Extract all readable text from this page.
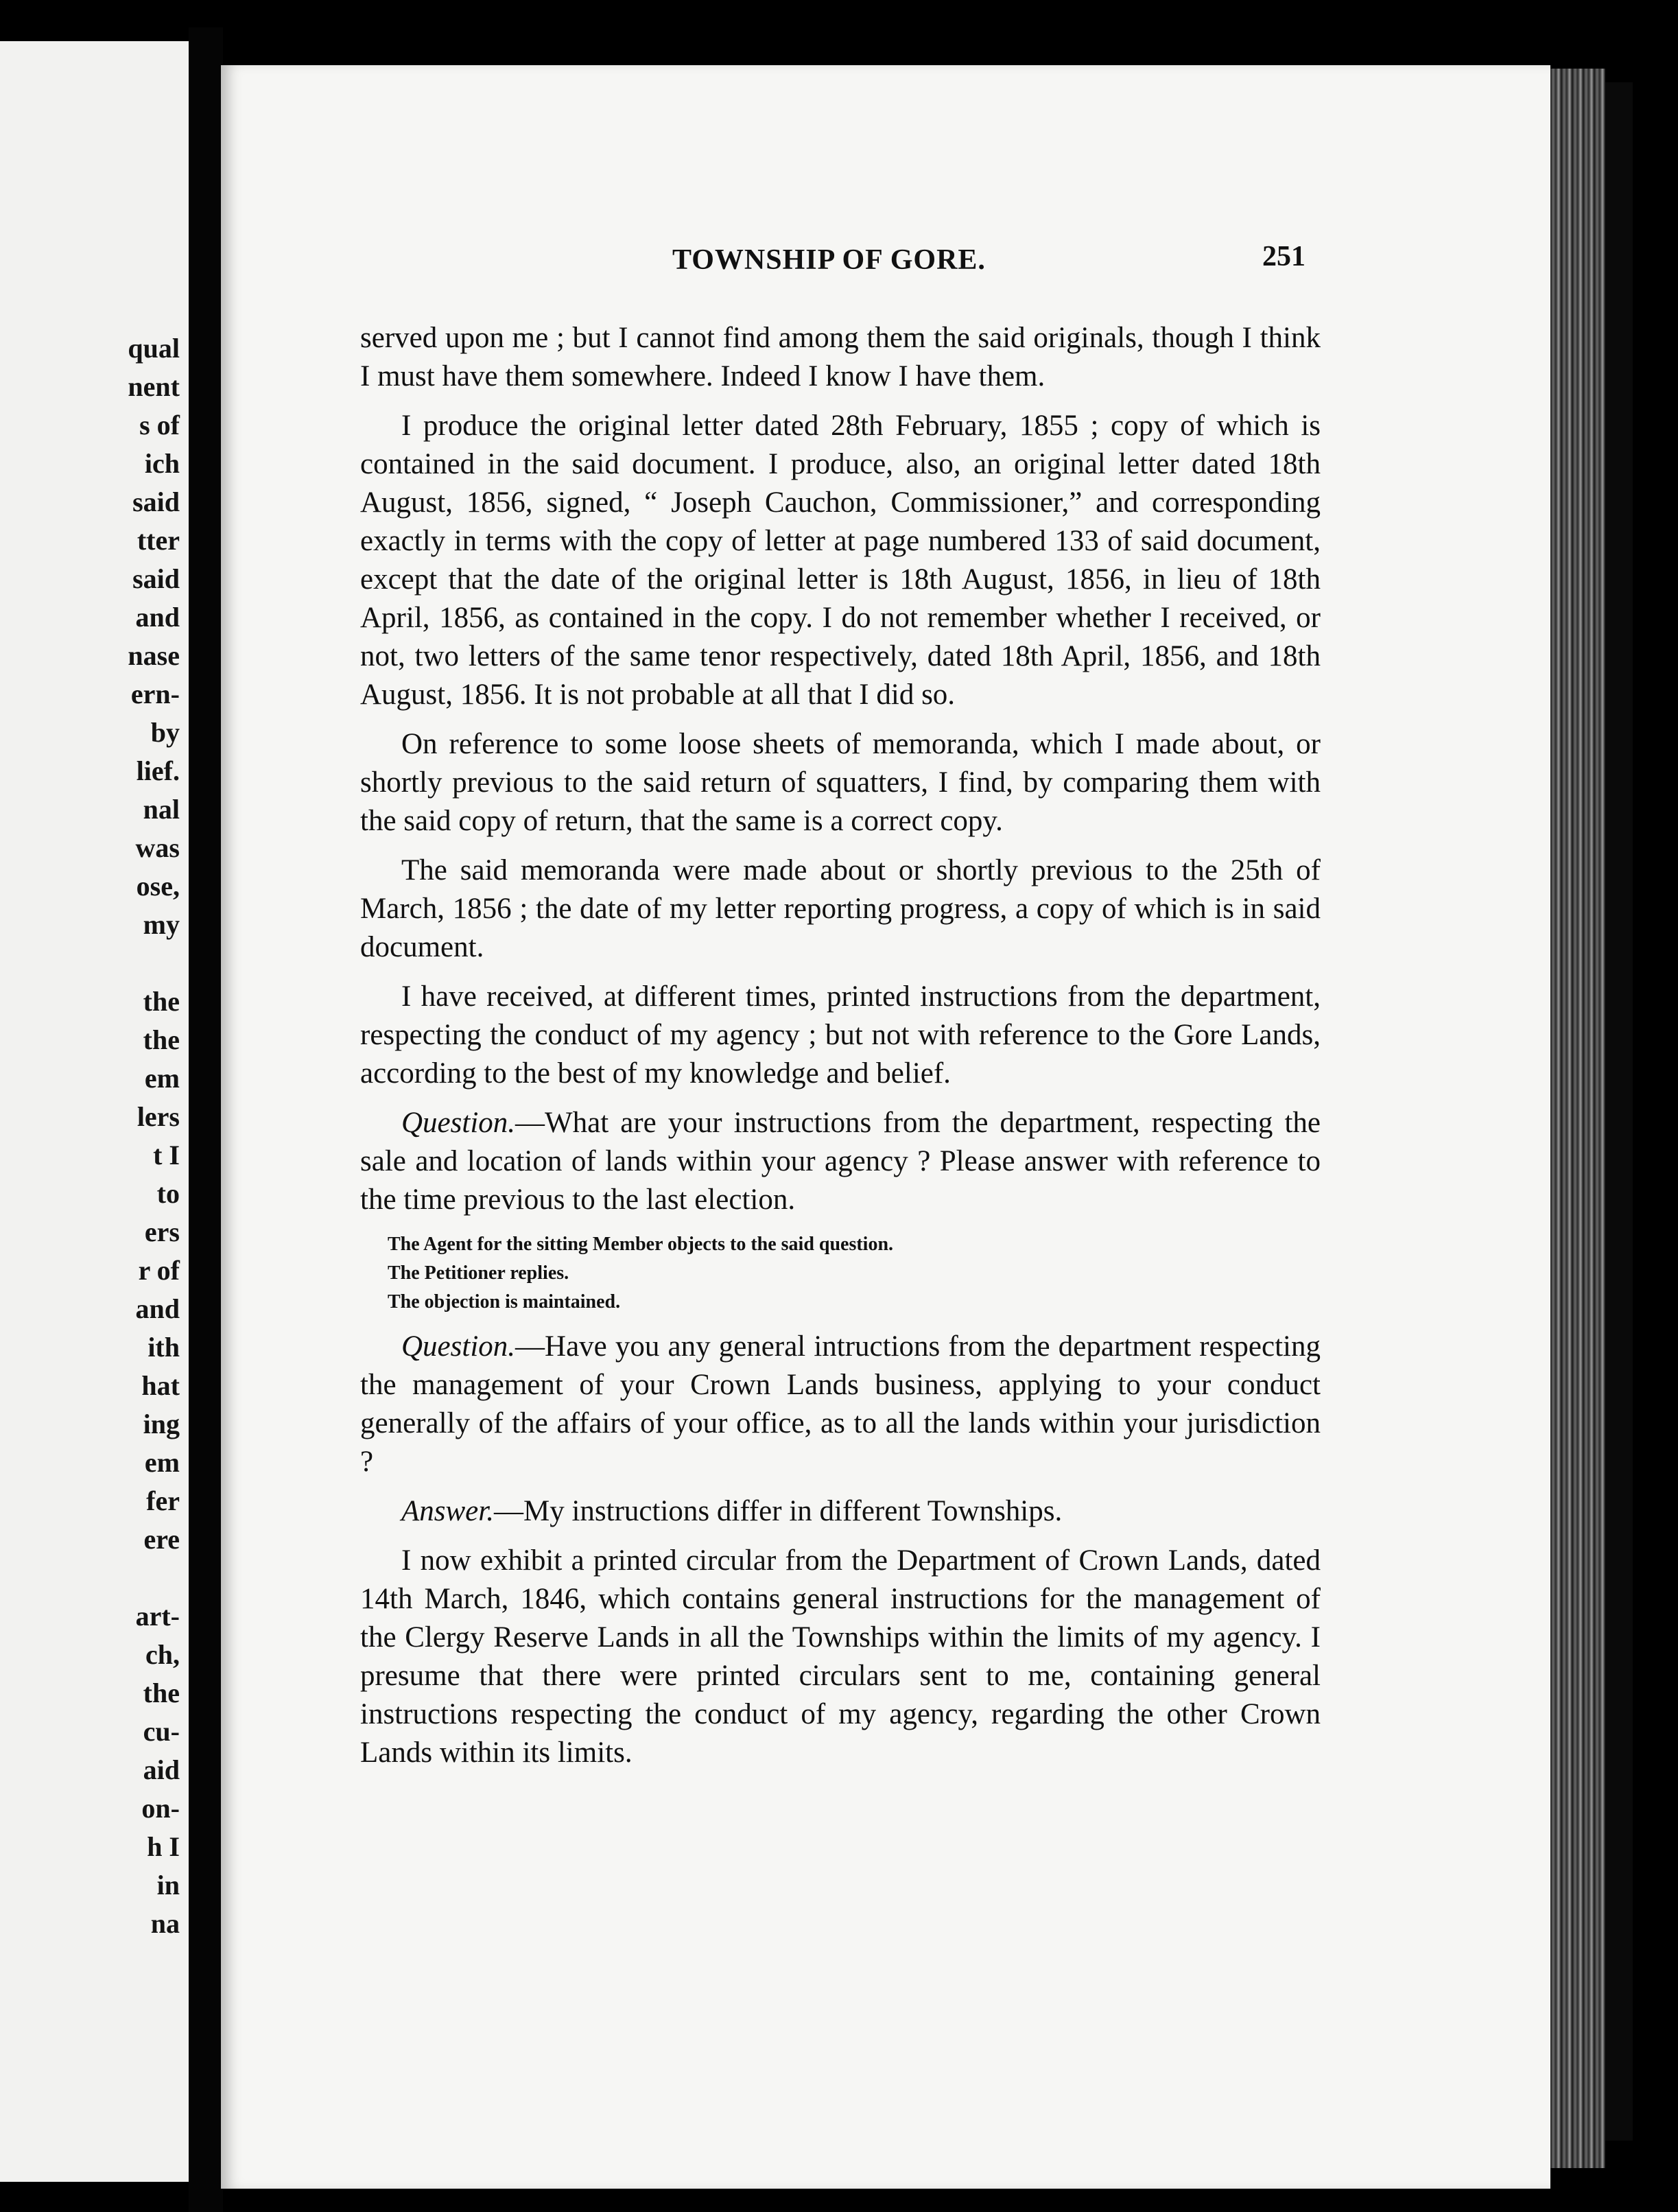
qual
nent
s of
ich
said
tter
said
and
nase
ern-
by
lief.
nal
was
ose,
my
the
the
em
lers
t I
to
ers
r of
and
ith
hat
ing
em
fer
ere
art-
ch,
the
cu-
aid
on-
h I
in
na
TOWNSHIP OF GORE.	251

served upon me ; but I cannot find among them the said originals, though I think I must have them somewhere. Indeed I know I have them.

I produce the original letter dated 28th February, 1855 ; copy of which is contained in the said document. I produce, also, an original letter dated 18th August, 1856, signed, “ Joseph Cauchon, Commissioner,” and corresponding exactly in terms with the copy of letter at page numbered 133 of said document, except that the date of the original letter is 18th August, 1856, in lieu of 18th April, 1856, as contained in the copy. I do not remember whether I received, or not, two letters of the same tenor respectively, dated 18th April, 1856, and 18th August, 1856. It is not probable at all that I did so.

On reference to some loose sheets of memoranda, which I made about, or shortly previous to the said return of squatters, I find, by comparing them with the said copy of return, that the same is a correct copy.

The said memoranda were made about or shortly previous to the 25th of March, 1856 ; the date of my letter reporting progress, a copy of which is in said document.

I have received, at different times, printed instructions from the department, respecting the conduct of my agency ; but not with reference to the Gore Lands, according to the best of my knowledge and belief.

Question.—What are your instructions from the department, respecting the sale and location of lands within your agency ? Please answer with reference to the time previous to the last election.

The Agent for the sitting Member objects to the said question.

The Petitioner replies.

The objection is maintained.

Question.—Have you any general intructions from the department respecting the management of your Crown Lands business, applying to your conduct generally of the affairs of your office, as to all the lands within your jurisdiction ?

Answer.—My instructions differ in different Townships.

I now exhibit a printed circular from the Department of Crown Lands, dated 14th March, 1846, which contains general instructions for the management of the Clergy Reserve Lands in all the Townships within the limits of my agency. I presume that there were printed circulars sent to me, containing general instructions respecting the conduct of my agency, regarding the other Crown Lands within its limits.
